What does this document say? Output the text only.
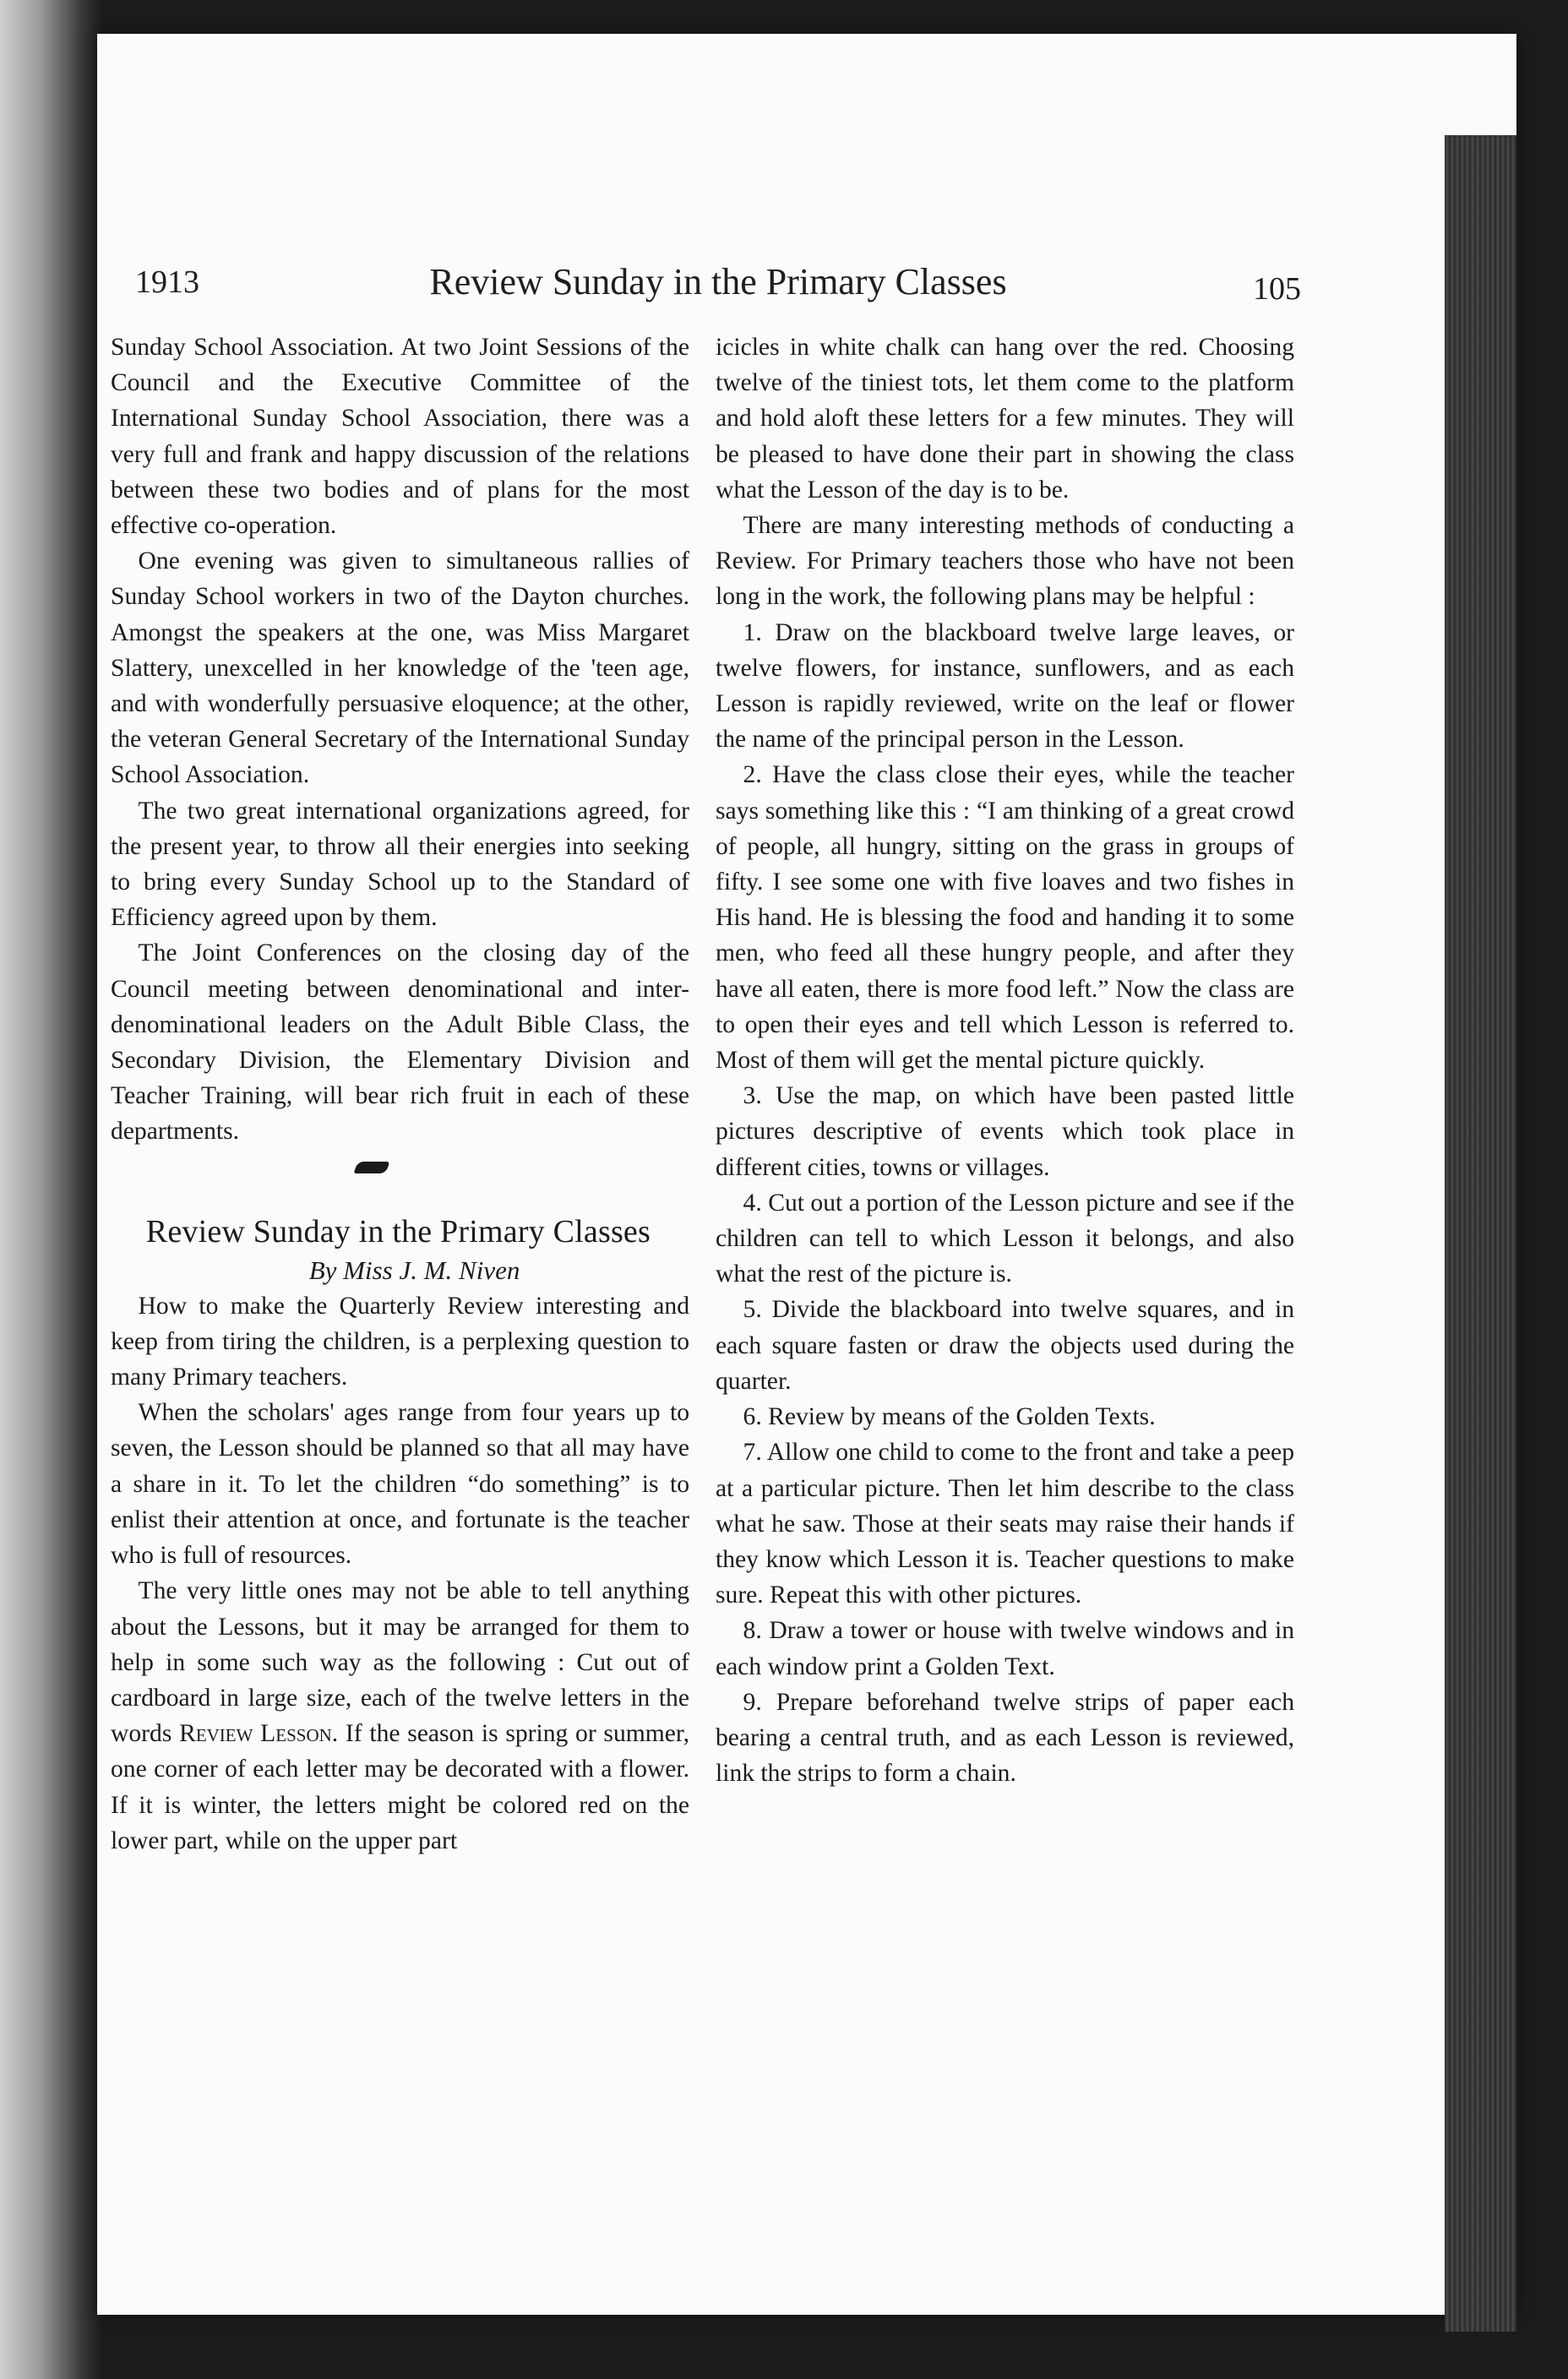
1913	Review Sunday in the Primary Classes	105

Sunday School Association. At two Joint Sessions of the Council and the Executive Committee of the International Sunday School Association, there was a very full and frank and happy discussion of the relations between these two bodies and of plans for the most effective co-operation.

One evening was given to simultaneous rallies of Sunday School workers in two of the Dayton churches. Amongst the speakers at the one, was Miss Margaret Slattery, unexcelled in her knowledge of the 'teen age, and with wonderfully persuasive eloquence; at the other, the veteran General Secretary of the International Sunday School Association.

The two great international organizations agreed, for the present year, to throw all their energies into seeking to bring every Sunday School up to the Standard of Efficiency agreed upon by them.

The Joint Conferences on the closing day of the Council meeting between denominational and inter-denominational leaders on the Adult Bible Class, the Secondary Division, the Elementary Division and Teacher Training, will bear rich fruit in each of these departments.

Review Sunday in the Primary Classes

By Miss J. M. Niven

How to make the Quarterly Review interesting and keep from tiring the children, is a perplexing question to many Primary teachers.

When the scholars' ages range from four years up to seven, the Lesson should be planned so that all may have a share in it. To let the children “do something” is to enlist their attention at once, and fortunate is the teacher who is full of resources.

The very little ones may not be able to tell anything about the Lessons, but it may be arranged for them to help in some such way as the following : Cut out of cardboard in large size, each of the twelve letters in the words Review Lesson. If the season is spring or summer, one corner of each letter may be decorated with a flower. If it is winter, the letters might be colored red on the lower part, while on the upper part

icicles in white chalk can hang over the red. Choosing twelve of the tiniest tots, let them come to the platform and hold aloft these letters for a few minutes. They will be pleased to have done their part in showing the class what the Lesson of the day is to be.

There are many interesting methods of conducting a Review. For Primary teachers those who have not been long in the work, the following plans may be helpful :

1. Draw on the blackboard twelve large leaves, or twelve flowers, for instance, sunflowers, and as each Lesson is rapidly reviewed, write on the leaf or flower the name of the principal person in the Lesson.

2. Have the class close their eyes, while the teacher says something like this : “I am thinking of a great crowd of people, all hungry, sitting on the grass in groups of fifty. I see some one with five loaves and two fishes in His hand. He is blessing the food and handing it to some men, who feed all these hungry people, and after they have all eaten, there is more food left.” Now the class are to open their eyes and tell which Lesson is referred to. Most of them will get the mental picture quickly.

3. Use the map, on which have been pasted little pictures descriptive of events which took place in different cities, towns or villages.

4. Cut out a portion of the Lesson picture and see if the children can tell to which Lesson it belongs, and also what the rest of the picture is.

5. Divide the blackboard into twelve squares, and in each square fasten or draw the objects used during the quarter.

6. Review by means of the Golden Texts.

7. Allow one child to come to the front and take a peep at a particular picture. Then let him describe to the class what he saw. Those at their seats may raise their hands if they know which Lesson it is. Teacher questions to make sure. Repeat this with other pictures.

8. Draw a tower or house with twelve windows and in each window print a Golden Text.

9. Prepare beforehand twelve strips of paper each bearing a central truth, and as each Lesson is reviewed, link the strips to form a chain.
